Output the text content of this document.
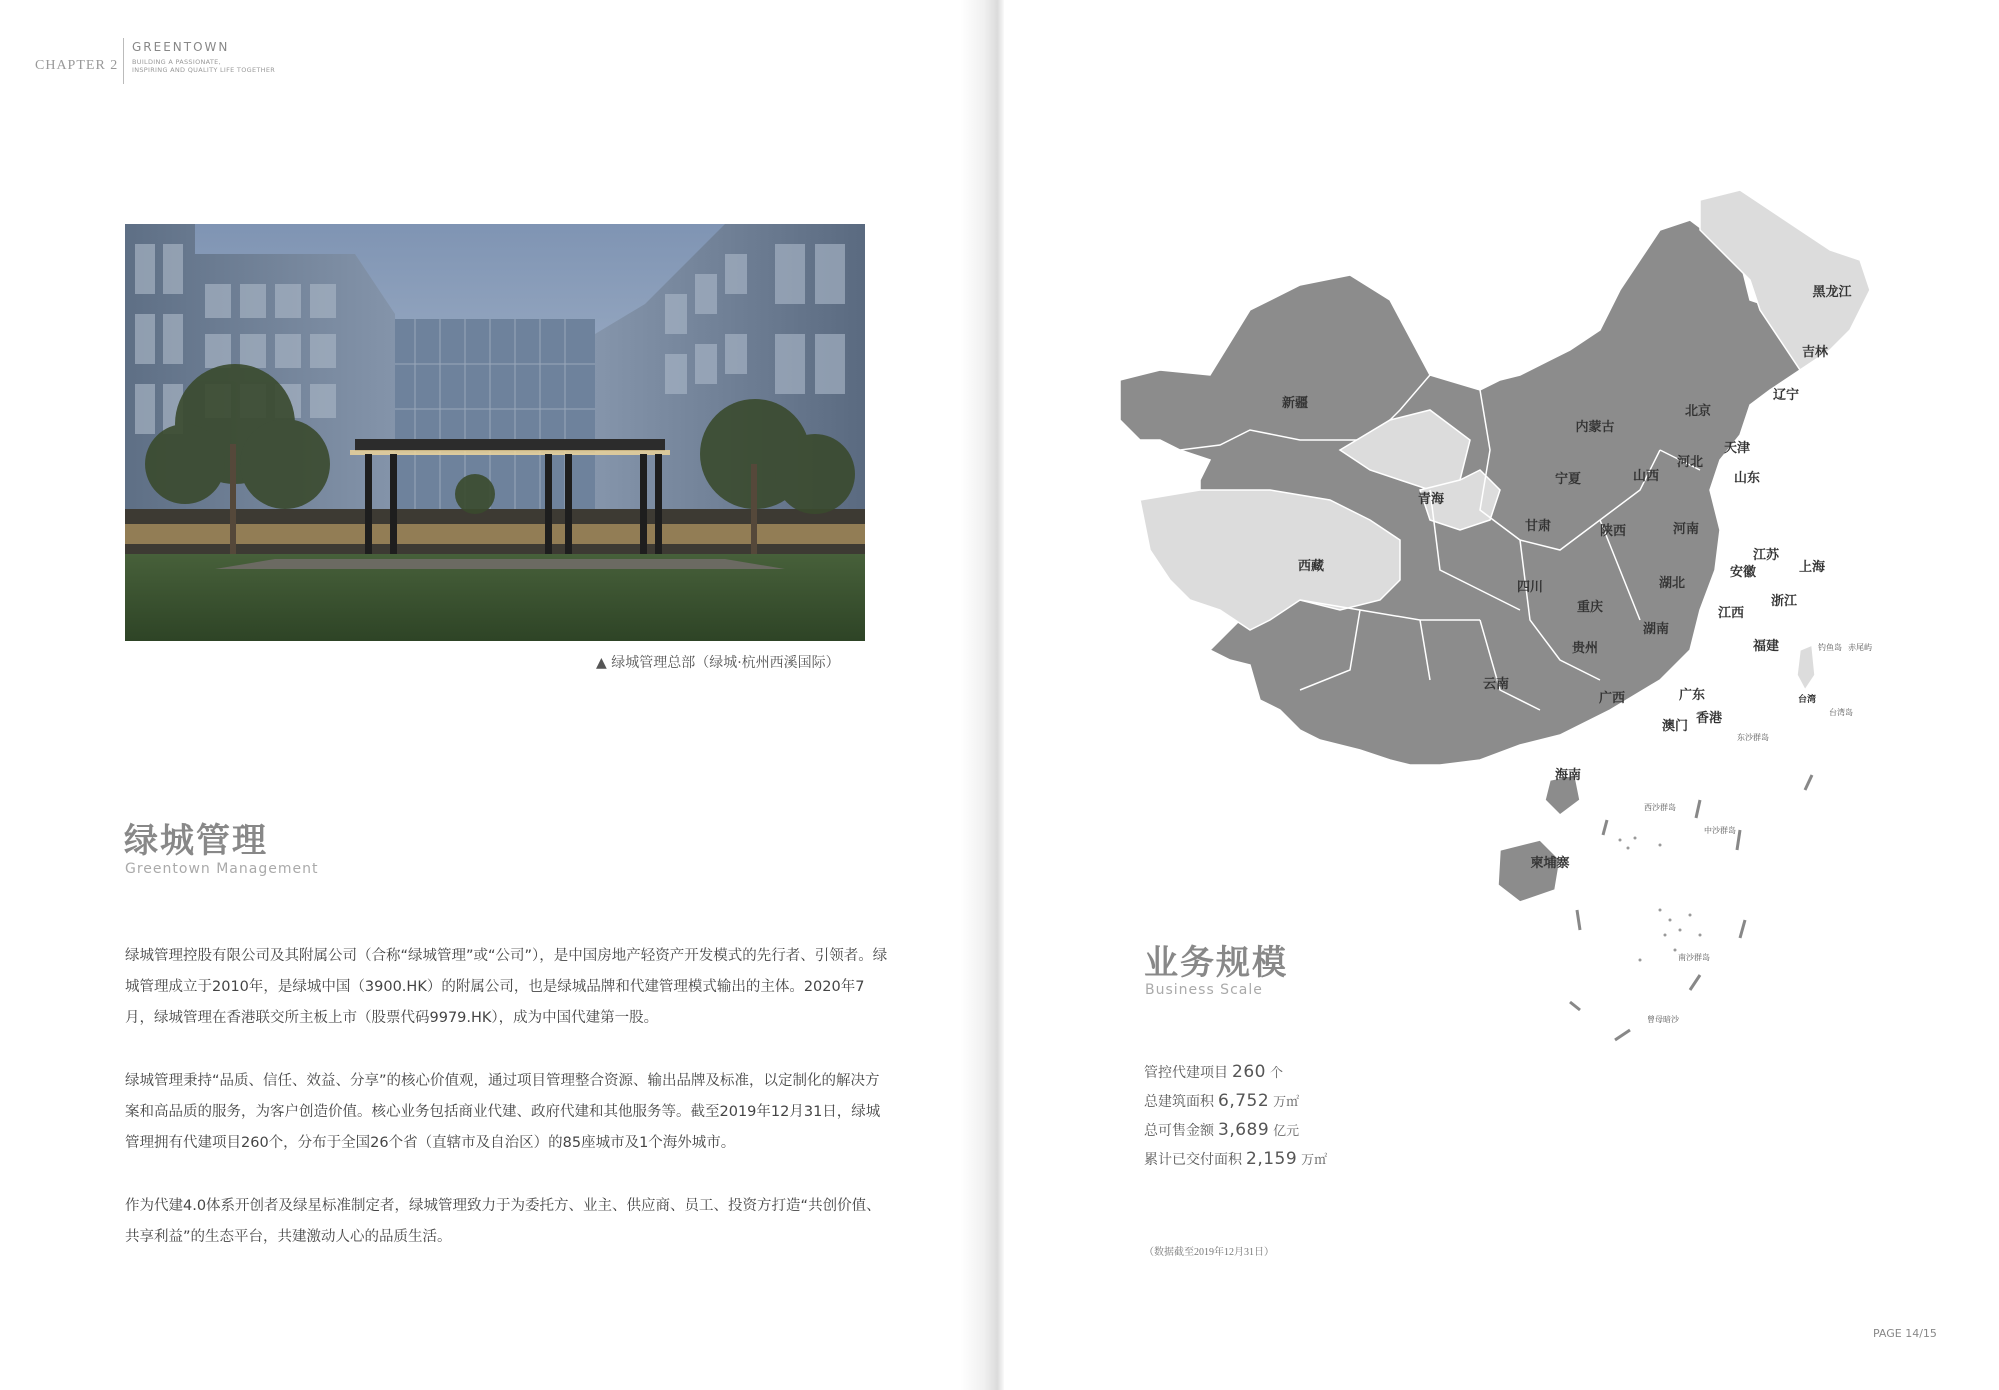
CHAPTER 2
GREENTOWN
BUILDING A PASSIONATE,
INSPIRING AND QUALITY LIFE TOGETHER
▲ 绿城管理总部（绿城·杭州西溪国际）
绿城管理
Greentown Management
绿城管理控股有限公司及其附属公司（合称“绿城管理”或“公司”），是中国房地产轻资产开发模式的先行者、引领者。绿城管理成立于2010年，是绿城中国（3900.HK）的附属公司，也是绿城品牌和代建管理模式输出的主体。2020年7月，绿城管理在香港联交所主板上市（股票代码9979.HK），成为中国代建第一股。
绿城管理秉持“品质、信任、效益、分享”的核心价值观，通过项目管理整合资源、输出品牌及标准，以定制化的解决方案和高品质的服务，为客户创造价值。核心业务包括商业代建、政府代建和其他服务等。截至2019年12月31日，绿城管理拥有代建项目260个，分布于全国26个省（直辖市及自治区）的85座城市及1个海外城市。
作为代建4.0体系开创者及绿星标准制定者，绿城管理致力于为委托方、业主、供应商、员工、投资方打造“共创价值、共享利益”的生态平台，共建激动人心的品质生活。
黑龙江
吉林
辽宁
新疆
内蒙古
北京
天津
河北
宁夏	山西	山东
青海
甘肃	陕西	河南
西藏
江苏
上海
安徽
四川	湖北
重庆	浙江
江西
湖南
贵州	福建
云南
广西	广东
澳门
香港
海南
柬埔寨
台湾
钓鱼岛 赤尾屿
台湾岛
东沙群岛
西沙群岛
中沙群岛
南沙群岛
曾母暗沙
业务规模
Business Scale
管控代建项目 260 个
总建筑面积 6,752 万㎡
总可售金额 3,689 亿元
累计已交付面积 2,159 万㎡
（数据截至2019年12月31日）
PAGE 14/15
